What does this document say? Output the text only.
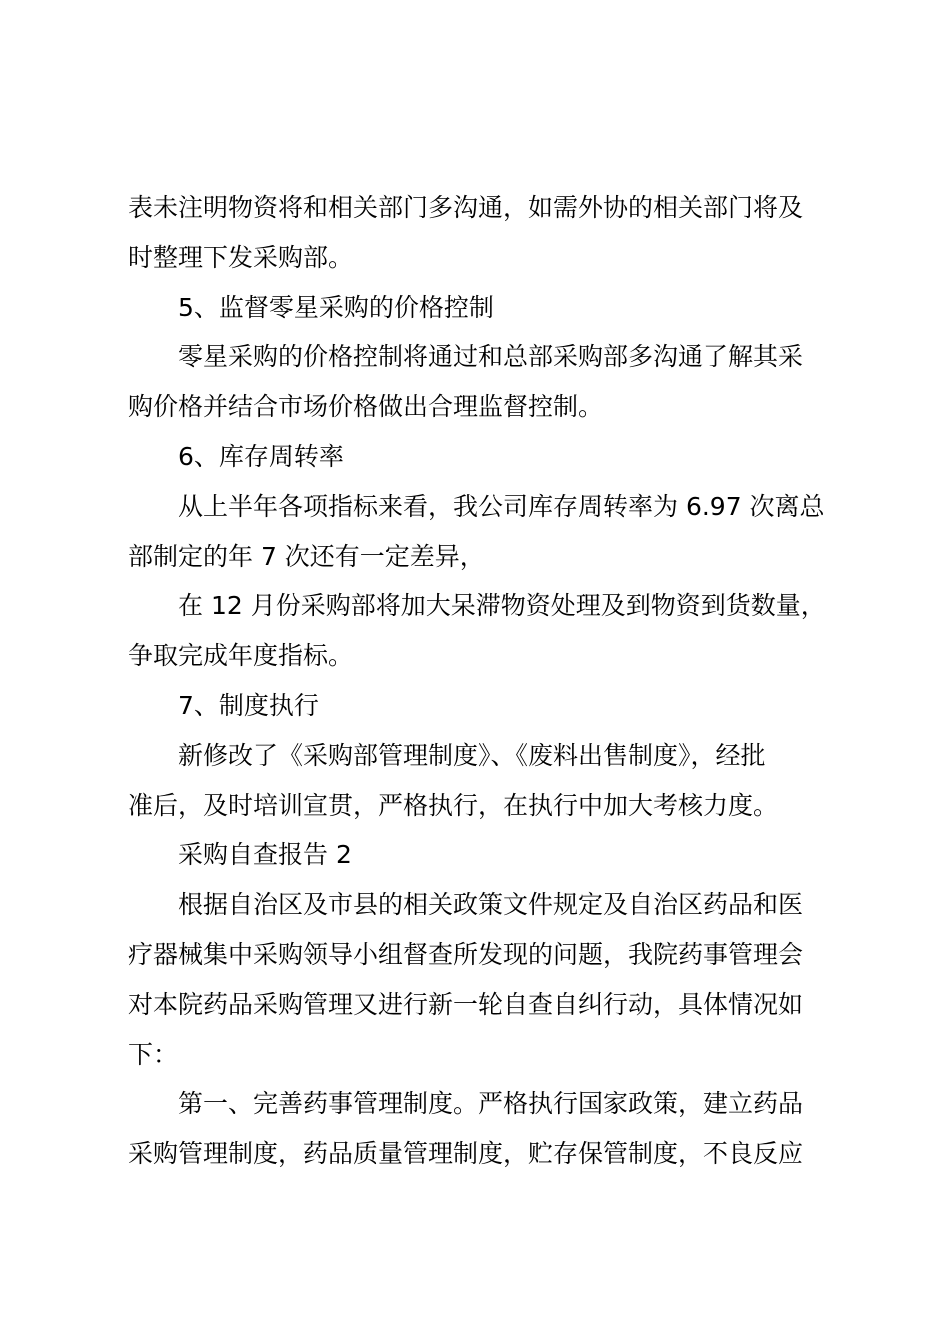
表未注明物资将和相关部门多沟通，如需外协的相关部门将及
时整理下发采购部。
5、监督零星采购的价格控制
零星采购的价格控制将通过和总部采购部多沟通了解其采
购价格并结合市场价格做出合理监督控制。
6、库存周转率
从上半年各项指标来看，我公司库存周转率为 6.97 次离总
部制定的年 7 次还有一定差异，
在 12 月份采购部将加大呆滞物资处理及到物资到货数量，
争取完成年度指标。
7、制度执行
新修改了《采购部管理制度》、《废料出售制度》，经批
准后，及时培训宣贯，严格执行，在执行中加大考核力度。
采购自查报告 2
根据自治区及市县的相关政策文件规定及自治区药品和医
疗器械集中采购领导小组督查所发现的问题，我院药事管理会
对本院药品采购管理又进行新一轮自查自纠行动，具体情况如
下：
第一、完善药事管理制度。严格执行国家政策，建立药品
采购管理制度，药品质量管理制度，贮存保管制度，不良反应
